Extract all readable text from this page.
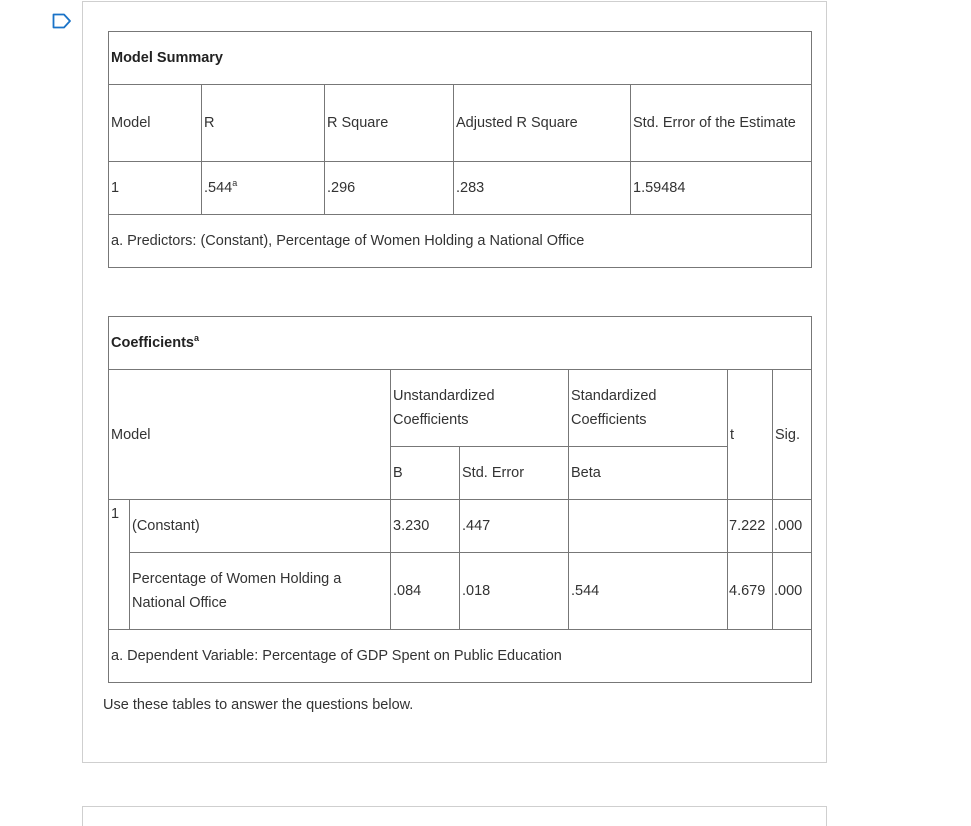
Model Summary				
Model	R	R Square	Adjusted R Square	Std. Error of the Estimate
1	.544$^a$	.296	.283	1.59484
a. Predictors: (Constant), Percentage of Women Holding a National Office				
Coefficients$^a$
Model		Unstandardized Coefficients		Standardized Coefficients	t	Sig.
		B	Std. Error	Beta		
1	(Constant)	3.230	.447		7.222	.000
	Percentage of Women Holding a National Office	.084	.018	.544	4.679	.000
a. Dependent Variable: Percentage of GDP Spent on Public Education						
Use these tables to answer the questions below.
